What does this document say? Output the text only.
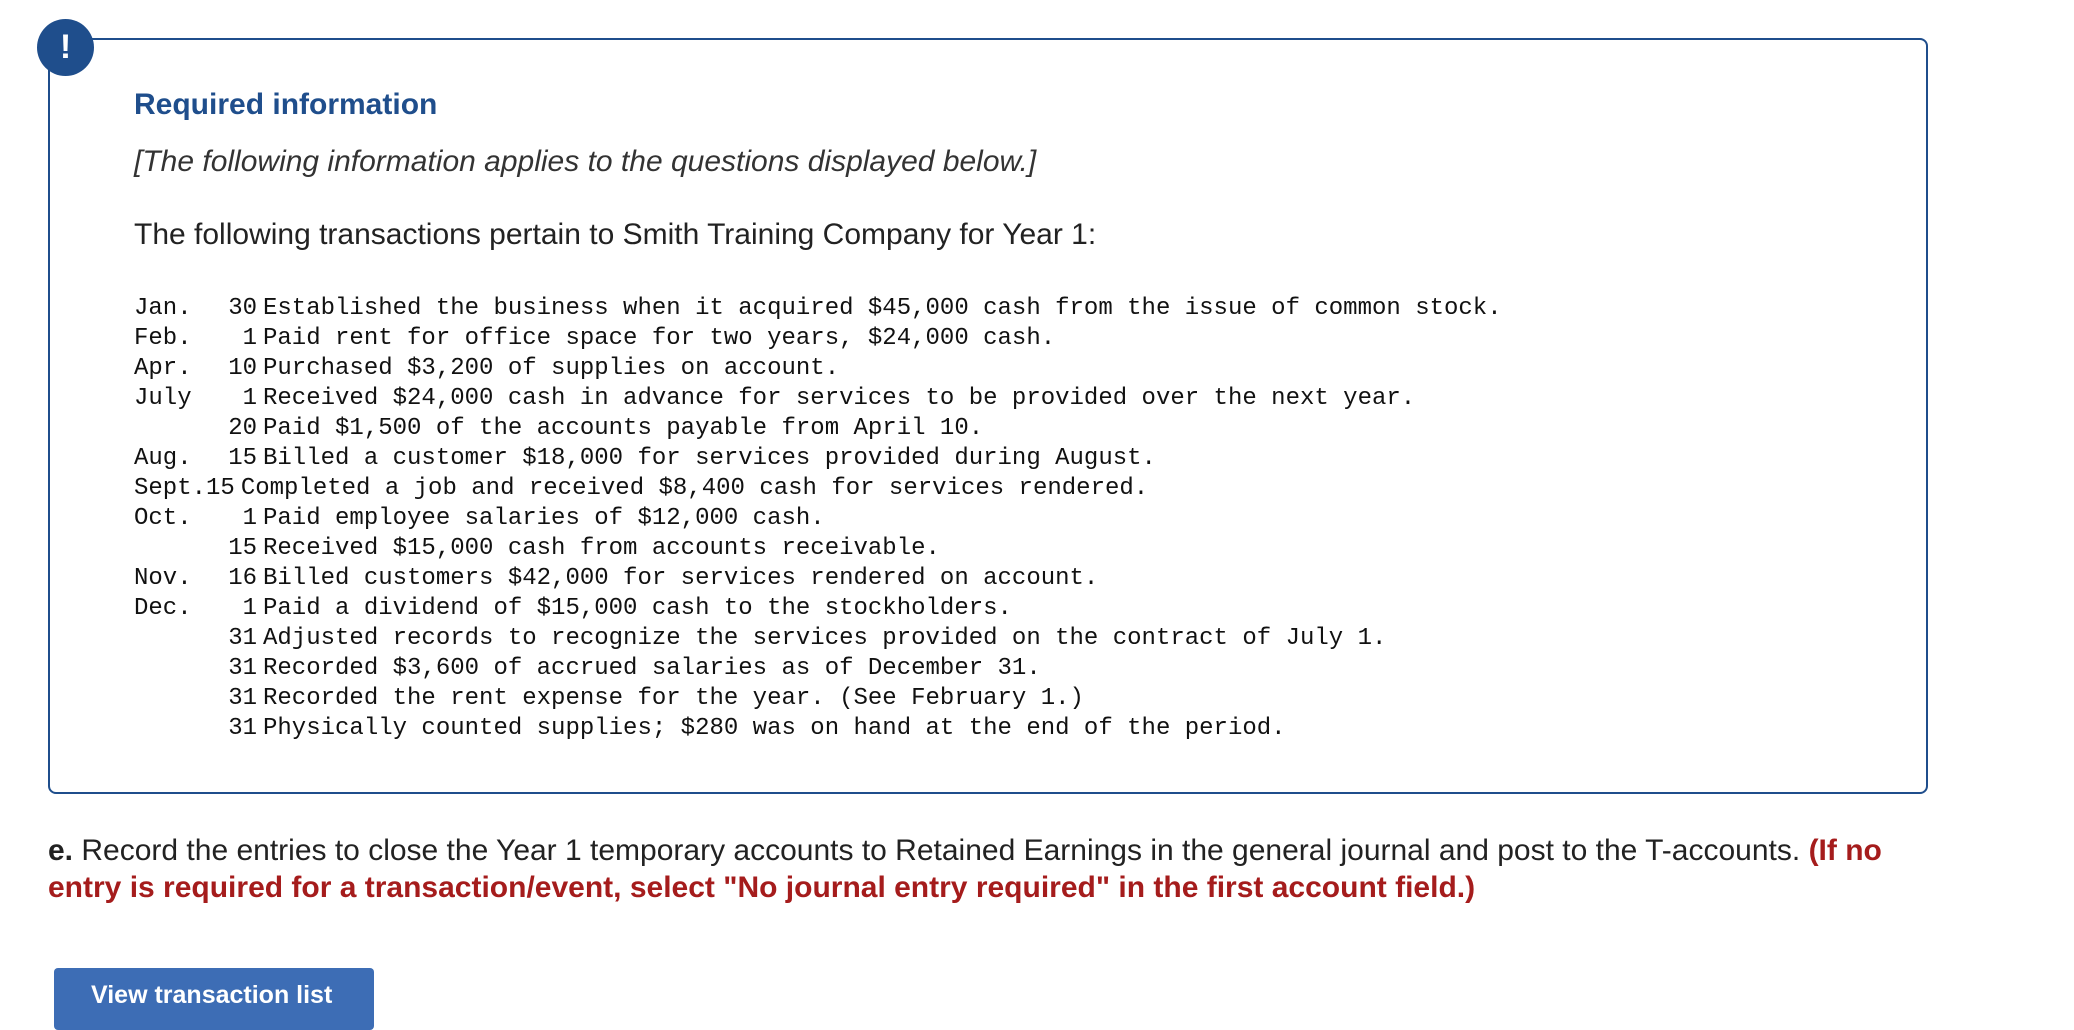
!
Required information

[The following information applies to the questions displayed below.]

The following transactions pertain to Smith Training Company for Year 1:

Jan. 30 Established the business when it acquired $45,000 cash from the issue of common stock.
Feb. 1 Paid rent for office space for two years, $24,000 cash.
Apr. 10 Purchased $3,200 of supplies on account.
July 1 Received $24,000 cash in advance for services to be provided over the next year.
20 Paid $1,500 of the accounts payable from April 10.
Aug. 15 Billed a customer $18,000 for services provided during August.
Sept.15 Completed a job and received $8,400 cash for services rendered.
Oct. 1 Paid employee salaries of $12,000 cash.
15 Received $15,000 cash from accounts receivable.
Nov. 16 Billed customers $42,000 for services rendered on account.
Dec. 1 Paid a dividend of $15,000 cash to the stockholders.
31 Adjusted records to recognize the services provided on the contract of July 1.
31 Recorded $3,600 of accrued salaries as of December 31.
31 Recorded the rent expense for the year. (See February 1.)
31 Physically counted supplies; $280 was on hand at the end of the period.

e. Record the entries to close the Year 1 temporary accounts to Retained Earnings in the general journal and post to the T-accounts. (If no entry is required for a transaction/event, select "No journal entry required" in the first account field.)

View transaction list
